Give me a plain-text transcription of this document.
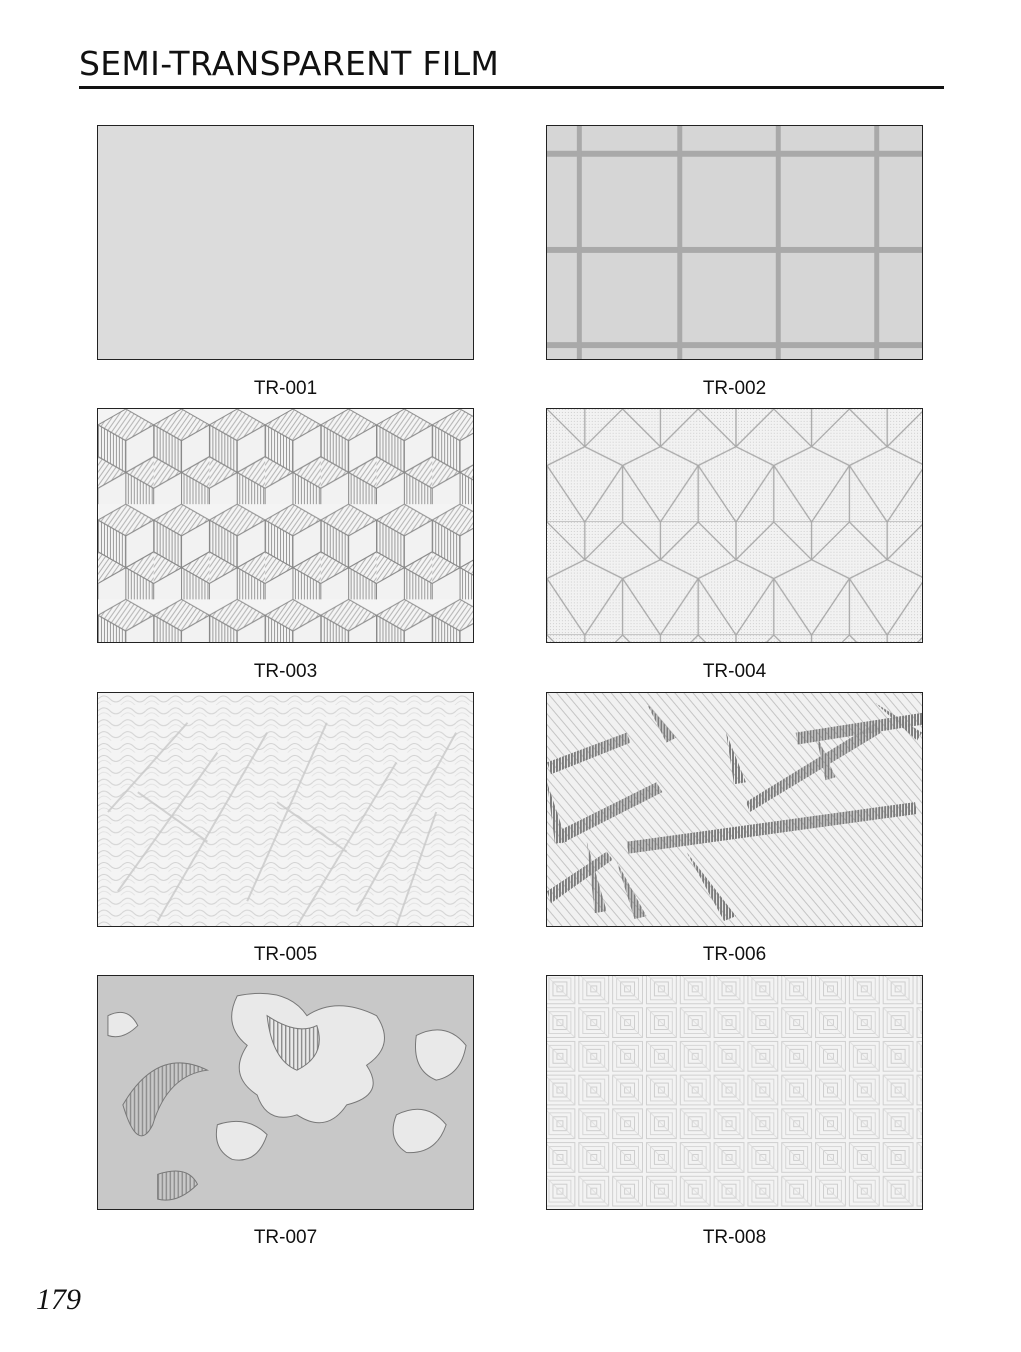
SEMI-TRANSPARENT FILM
TR-001	TR-002
TR-003	TR-004
TR-005	TR-006
TR-007	TR-008
179
